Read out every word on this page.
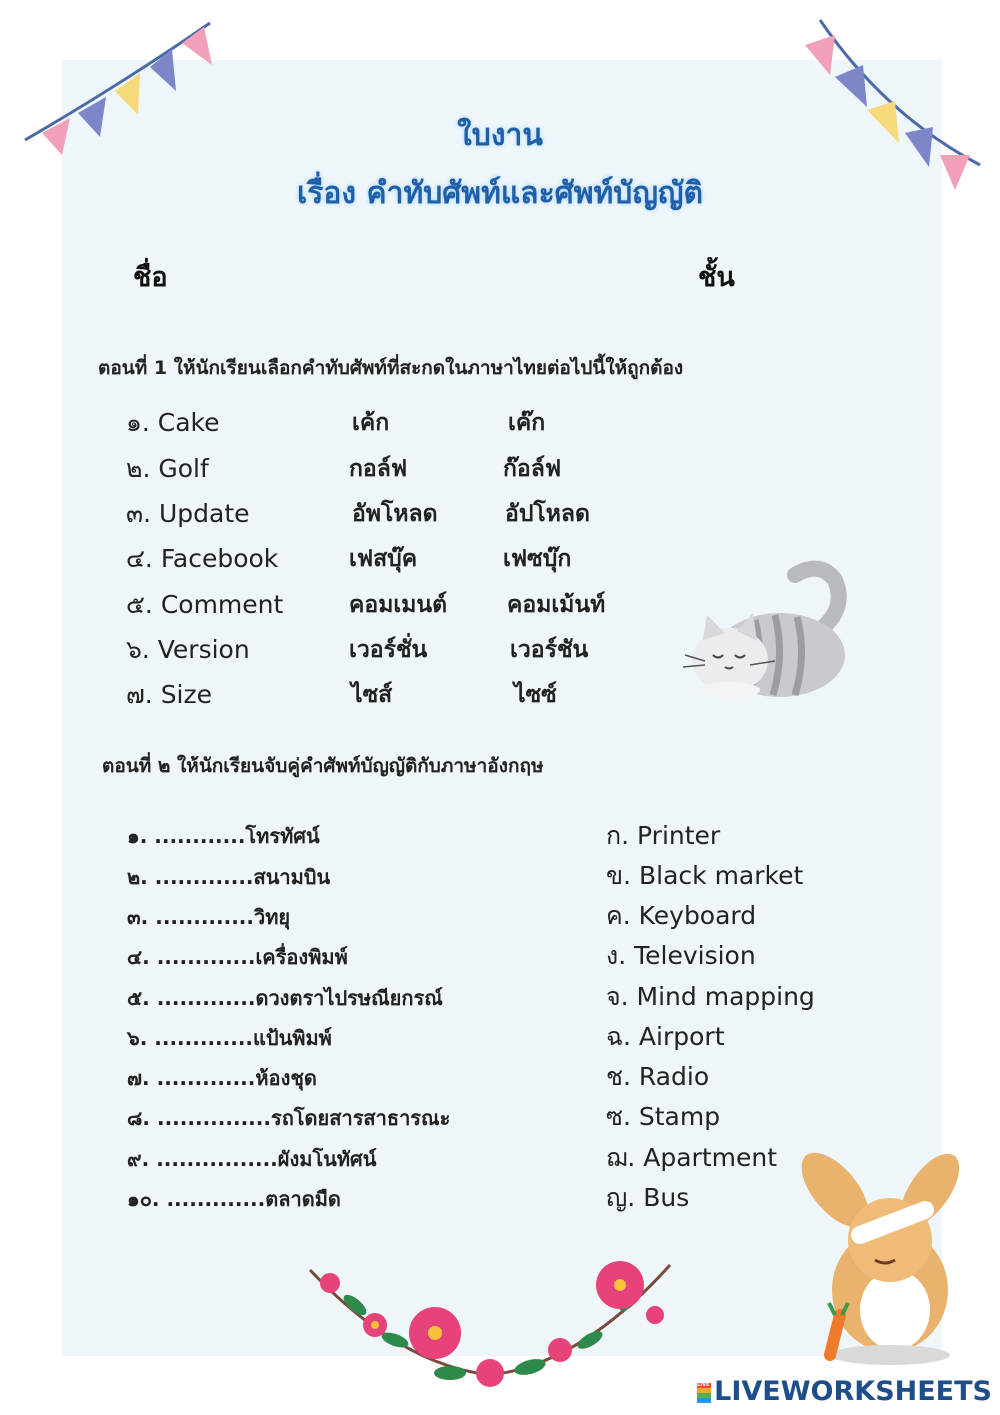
ใบงาน
เรื่อง คำทับศัพท์และศัพท์บัญญัติ
ชื่อ	ชั้น
ตอนที่ 1 ให้นักเรียนเลือกคำทับศัพท์ที่สะกดในภาษาไทยต่อไปนี้ให้ถูกต้อง
๑. Cake	เค้ก	เค๊ก
๒. Golf	กอล์ฟ	ก๊อล์ฟ
๓. Update	อัพโหลด	อัปโหลด
๔. Facebook	เฟสบุ๊ค	เฟซบุ๊ก
๕. Comment	คอมเมนต์	คอมเม้นท์
๖. Version	เวอร์ชั่น	เวอร์ชัน
๗. Size	ไซส์	ไซซ์
ตอนที่ ๒ ให้นักเรียนจับคู่คำศัพท์บัญญัติกับภาษาอังกฤษ
๑. ............โทรทัศน์
๒. .............สนามบิน
๓. .............วิทยุ
๔. .............เครื่องพิมพ์
๕. .............ดวงตราไปรษณียกรณ์
๖. .............แป้นพิมพ์
๗. .............ห้องชุด
๘. ...............รถโดยสารสาธารณะ
๙. ................ผังมโนทัศน์
๑๐. .............ตลาดมืด
ก. Printer
ข. Black market
ค. Keyboard
ง. Television
จ. Mind mapping
ฉ. Airport
ช. Radio
ซ. Stamp
ฌ. Apartment
ญ. Bus
LIVE LIVEWORKSHEETS
